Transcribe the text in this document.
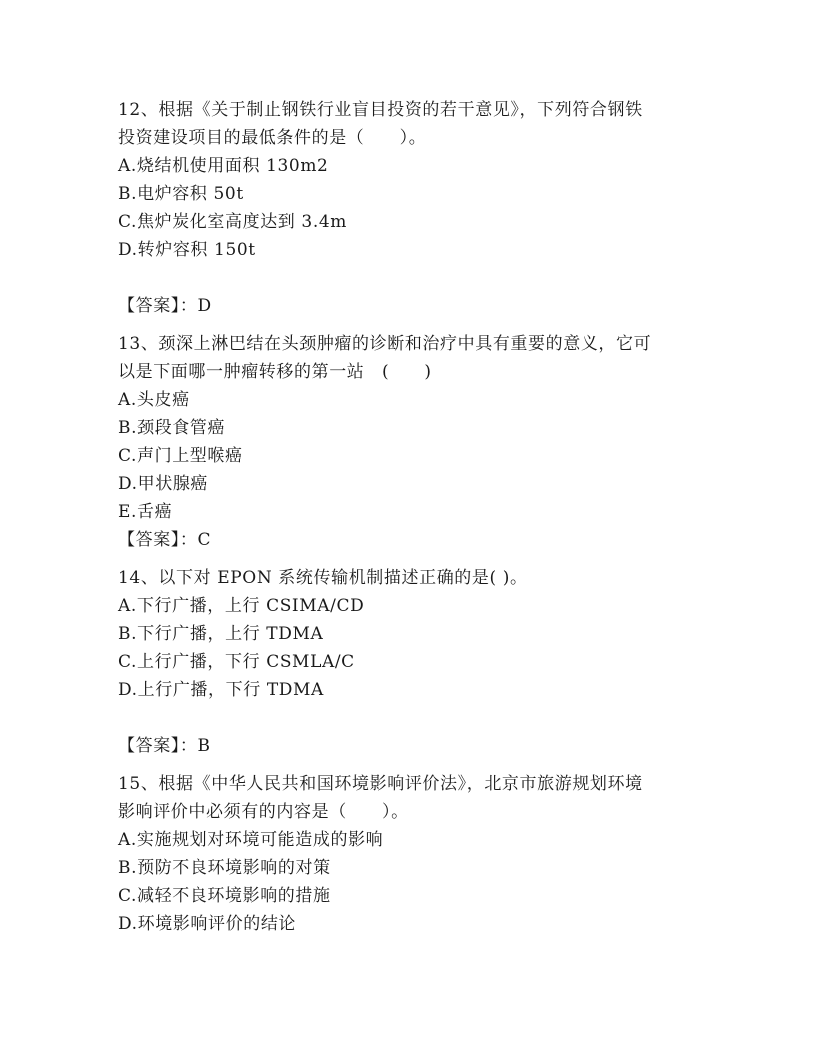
12、根据《关于制止钢铁行业盲目投资的若干意见》，下列符合钢铁
投资建设项目的最低条件的是（　　）。
A.烧结机使用面积 130m2
B.电炉容积 50t
C.焦炉炭化室高度达到 3.4m
D.转炉容积 150t
【答案】：D
13、颈深上淋巴结在头颈肿瘤的诊断和治疗中具有重要的意义，它可
以是下面哪一肿瘤转移的第一站　(　　)
A.头皮癌
B.颈段食管癌
C.声门上型喉癌
D.甲状腺癌
E.舌癌
【答案】：C
14、以下对 EPON 系统传输机制描述正确的是( )。
A.下行广播，上行 CSIMA/CD
B.下行广播，上行 TDMA
C.上行广播，下行 CSMLA/C
D.上行广播，下行 TDMA
【答案】：B
15、根据《中华人民共和国环境影响评价法》，北京市旅游规划环境
影响评价中必须有的内容是（　　）。
A.实施规划对环境可能造成的影响
B.预防不良环境影响的对策
C.减轻不良环境影响的措施
D.环境影响评价的结论
